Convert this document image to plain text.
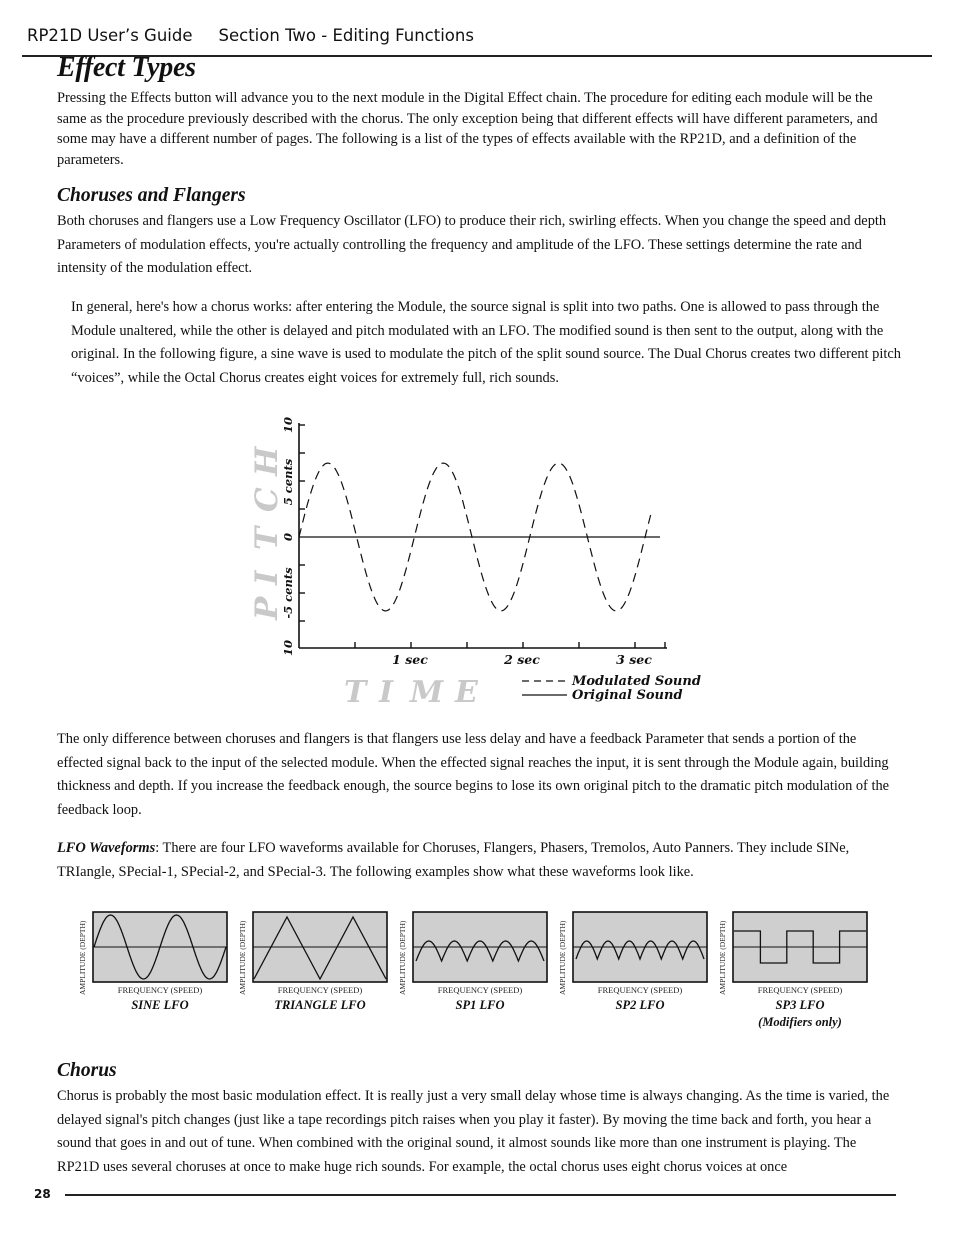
RP21D User’s Guide Section Two - Editing Functions
Effect Types

Pressing the Effects button will advance you to the next module in the Digital Effect chain. The procedure for editing each module will be the same as the procedure previously described with the chorus. The only exception being that different effects will have different parameters, and some may have a different number of pages. The following is a list of the types of effects available with the RP21D, and a definition of the parameters.

Choruses and Flangers

Both choruses and flangers use a Low Frequency Oscillator (LFO) to produce their rich, swirling effects. When you change the speed and depth Parameters of modulation effects, you're actually controlling the frequency and amplitude of the LFO. These settings determine the rate and intensity of the modulation effect.

In general, here's how a chorus works: after entering the Module, the source signal is split into two paths. One is allowed to pass through the Module unaltered, while the other is delayed and pitch modulated with an LFO. The modified sound is then sent to the output, along with the original. In the following figure, a sine wave is used to modulate the pitch of the split sound source. The Dual Chorus creates two different pitch “voices”, while the Octal Chorus creates eight voices for extremely full, rich sounds.

P
I
T
C
H
10
5 cents
0
-5 cents
10
1 sec	2 sec	3 sec
T I M E	Modulated Sound
Original Sound

The only difference between choruses and flangers is that flangers use less delay and have a feedback Parameter that sends a portion of the effected signal back to the input of the selected module. When the effected signal reaches the input, it is sent through the Module again, building thickness and depth. If you increase the feedback enough, the source begins to lose its own original pitch to the dramatic pitch modulation of the feedback loop.

LFO Waveforms: There are four LFO waveforms available for Choruses, Flangers, Phasers, Tremolos, Auto Panners. They include SINe, TRIangle, SPecial-1, SPecial-2, and SPecial-3. The following examples show what these waveforms look like.

AMPLITUDE (DEPTH)	FREQUENCY (SPEED)
SINE LFO
AMPLITUDE (DEPTH)	FREQUENCY (SPEED)
TRIANGLE LFO
AMPLITUDE (DEPTH)	FREQUENCY (SPEED)
SP1 LFO
AMPLITUDE (DEPTH)	FREQUENCY (SPEED)
SP2 LFO
AMPLITUDE (DEPTH)	FREQUENCY (SPEED)
SP3 LFO
(Modifiers only)
Chorus

Chorus is probably the most basic modulation effect. It is really just a very small delay whose time is always changing. As the time is varied, the delayed signal's pitch changes (just like a tape recordings pitch raises when you play it faster). By moving the time back and forth, you hear a sound that goes in and out of tune. When combined with the original sound, it almost sounds like more than one instrument is playing. The RP21D uses several choruses at once to make huge rich sounds. For example, the octal chorus uses eight chorus voices at once

28
